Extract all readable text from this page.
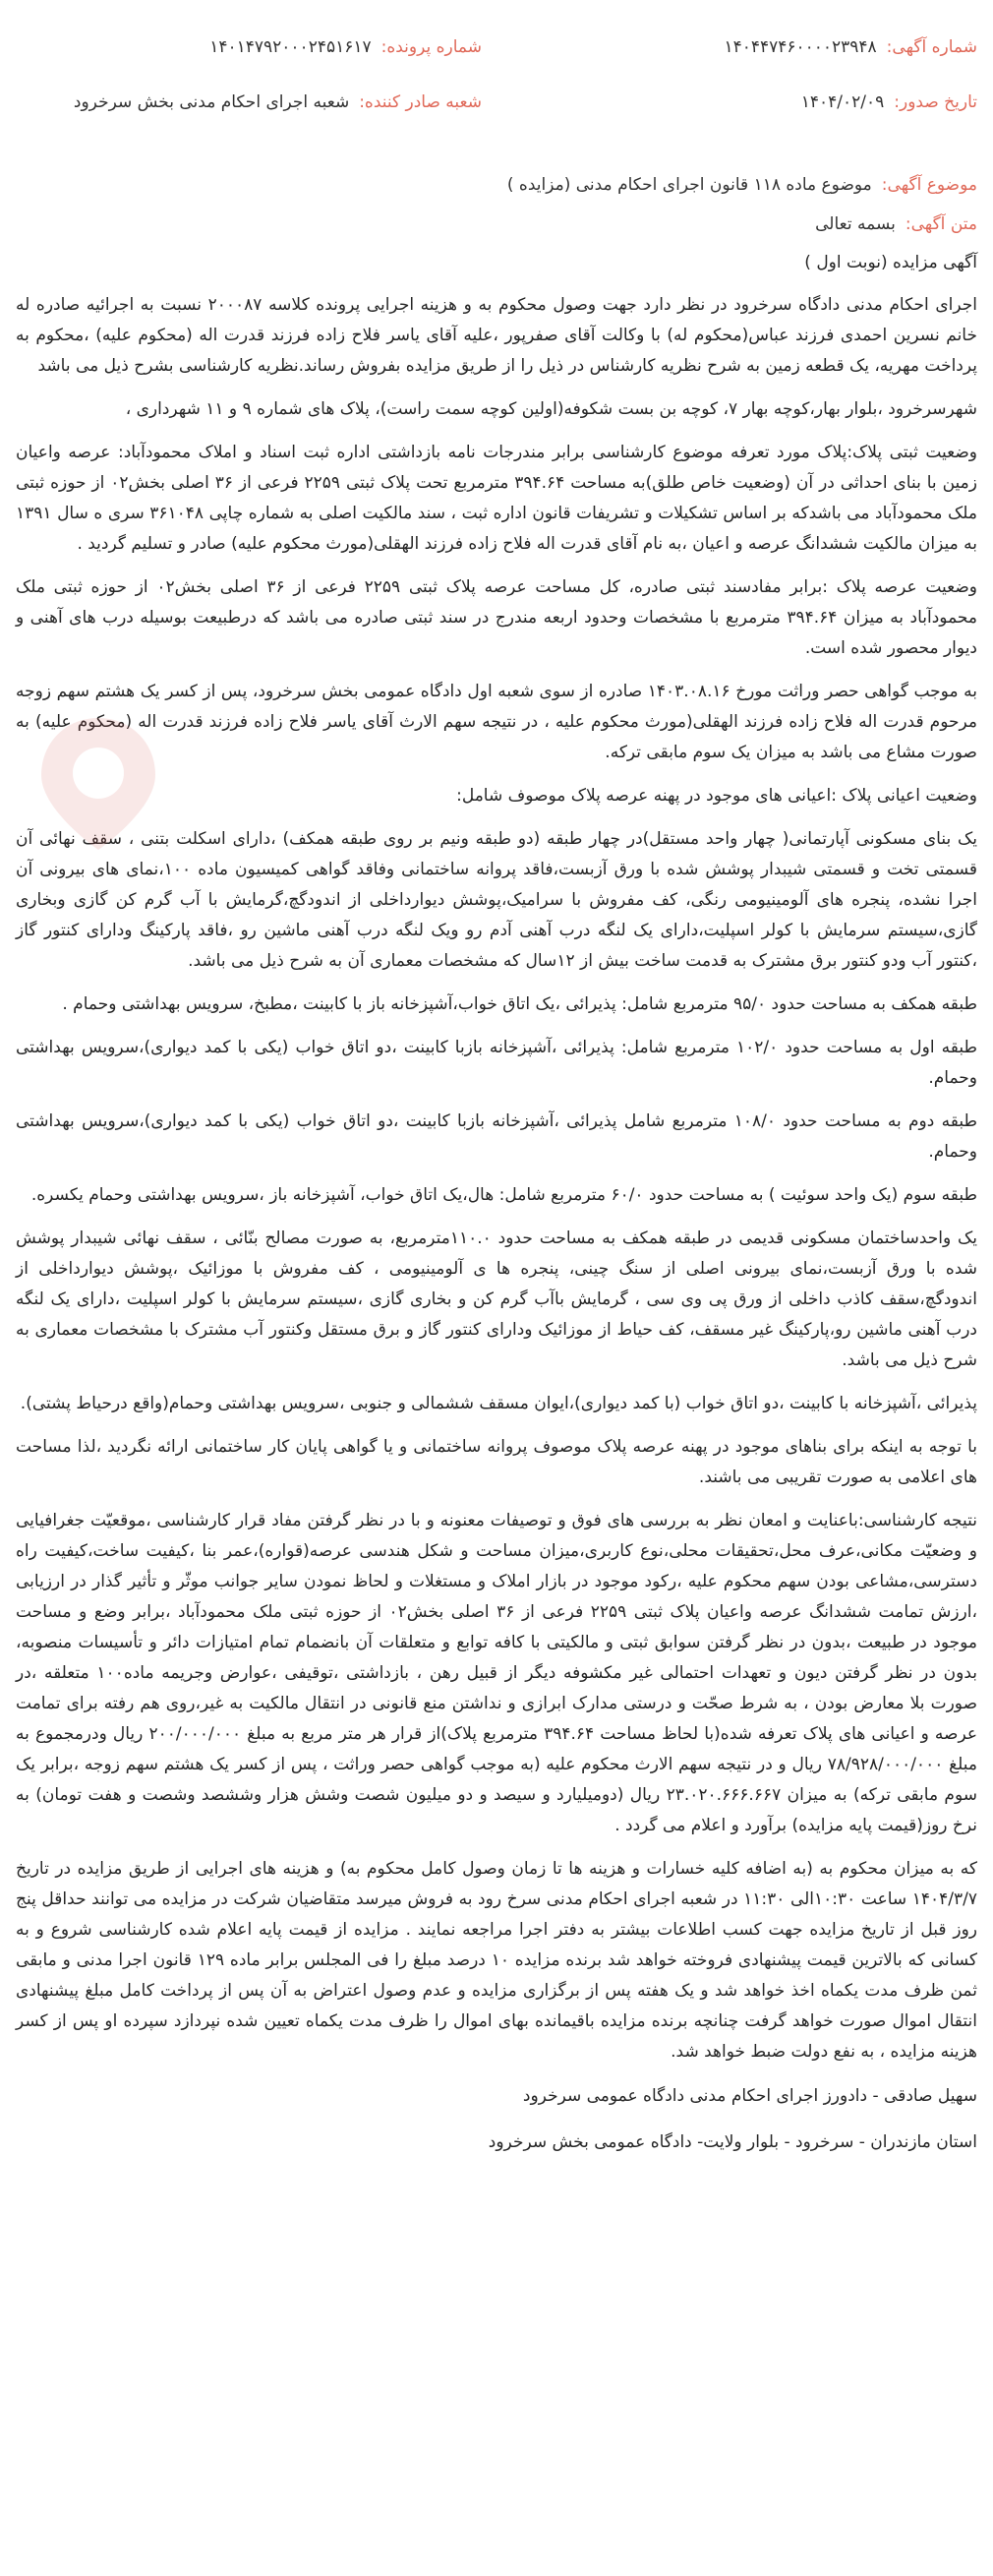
شماره آگهی:
۱۴۰۴۴۷۴۶۰۰۰۰۲۳۹۴۸
شماره پرونده:
۱۴۰۱۴۷۹۲۰۰۰۲۴۵۱۶۱۷
تاریخ صدور:
۱۴۰۴/۰۲/۰۹
شعبه صادر کننده:
شعبه اجرای احکام مدنی بخش سرخرود
موضوع آگهی:
موضوع ماده ۱۱۸ قانون اجرای احکام مدنی (مزایده )
متن آگهی:
بسمه تعالی

آگهی مزایده (نوبت اول )

اجرای احکام مدنی دادگاه سرخرود در نظر دارد جهت وصول محکوم به و هزینه اجرایی پرونده کلاسه ۲۰۰۰۸۷ نسبت به اجرائیه صادره له خانم نسرین احمدی فرزند عباس(محکوم له) با وکالت آقای صفرپور ،علیه آقای یاسر فلاح زاده فرزند قدرت اله (محکوم علیه) ،محکوم به پرداخت مهریه، یک قطعه زمین به شرح نظریه کارشناس در ذیل را از طریق مزایده بفروش رساند.نظریه کارشناسی بشرح ذیل می باشد

شهرسرخرود ،بلوار بهار،کوچه بهار ۷، کوچه بن بست شکوفه(اولین کوچه سمت راست)، پلاک های شماره ۹ و ۱۱ شهرداری ،

وضعیت ثبتی پلاک:پلاک مورد تعرفه موضوع کارشناسی برابر مندرجات نامه بازداشتی اداره ثبت اسناد و املاک محمودآباد: عرصه واعیان زمین با بنای احداثی در آن (وضعیت خاص طلق)به مساحت ۳۹۴.۶۴ مترمربع تحت پلاک ثبتی ۲۲۵۹ فرعی از ۳۶ اصلی بخش۰۲ از حوزه ثبتی ملک محمودآباد می باشدکه بر اساس تشکیلات و تشریفات قانون اداره ثبت ، سند مالکیت اصلی به شماره چاپی ۳۶۱۰۴۸ سری ه سال ۱۳۹۱ به میزان مالکیت ششدانگ عرصه و اعیان ،به نام آقای قدرت اله فلاح زاده فرزند الهقلی(مورث محکوم علیه) صادر و تسلیم گردید .

وضعیت عرصه پلاک :برابر مفادسند ثبتی صادره، کل مساحت عرصه پلاک ثبتی ۲۲۵۹ فرعی از ۳۶ اصلی بخش۰۲ از حوزه ثبتی ملک محمودآباد به میزان ۳۹۴.۶۴ مترمربع با مشخصات وحدود اربعه مندرج در سند ثبتی صادره می باشد که درطبیعت بوسیله درب های آهنی و دیوار محصور شده است.

به موجب گواهی حصر وراثت مورخ ۱۴۰۳.۰۸.۱۶ صادره از سوی شعبه اول دادگاه عمومی بخش سرخرود، پس از کسر یک هشتم سهم زوجه مرحوم قدرت اله فلاح زاده فرزند الهقلی(مورث محکوم علیه ، در نتیجه سهم الارث آقای یاسر فلاح زاده فرزند قدرت اله (محکوم علیه) به صورت مشاع می باشد به میزان یک سوم مابقی ترکه.

وضعیت اعیانی پلاک :اعیانی های موجود در پهنه عرصه پلاک موصوف شامل:

یک بنای مسکونی آپارتمانی( چهار واحد مستقل)در چهار طبقه (دو طبقه ونیم بر روی طبقه همکف) ،دارای اسکلت بتنی ، سقف نهائی آن قسمتی تخت و قسمتی شیبدار پوشش شده با ورق آزبست،فاقد پروانه ساختمانی وفاقد گواهی کمیسیون ماده ۱۰۰،نمای های بیرونی آن اجرا نشده، پنجره های آلومینیومی رنگی، کف مفروش با سرامیک،پوشش دیوارداخلی از اندودگچ،گرمایش با آب گرم کن گازی وبخاری گازی،سیستم سرمایش با کولر اسپلیت،دارای یک لنگه درب آهنی آدم رو ویک لنگه درب آهنی ماشین رو ،فاقد پارکینگ ودارای کنتور گاز ،کنتور آب ودو کنتور برق مشترک به قدمت ساخت بیش از ۱۲سال که مشخصات معماری آن به شرح ذیل می باشد.

طبقه همکف به مساحت حدود ۹۵/۰ مترمربع شامل: پذیرائی ،یک اتاق خواب،آشپزخانه باز با کابینت ،مطبخ، سرویس بهداشتی وحمام .

طبقه اول به مساحت حدود ۱۰۲/۰ مترمربع شامل: پذیرائی ،آشپزخانه بازبا کابینت ،دو اتاق خواب (یکی با کمد دیواری)،سرویس بهداشتی وحمام.

طبقه دوم به مساحت حدود ۱۰۸/۰ مترمربع شامل پذیرائی ،آشپزخانه بازبا کابینت ،دو اتاق خواب (یکی با کمد دیواری)،سرویس بهداشتی وحمام.

طبقه سوم (یک واحد سوئیت ) به مساحت حدود ۶۰/۰ مترمربع شامل: هال،یک اتاق خواب، آشپزخانه باز ،سرویس بهداشتی وحمام یکسره.

یک واحدساختمان مسکونی قدیمی در طبقه همکف به مساحت حدود ۱۱۰.۰مترمربع، به صورت مصالح بنّائی ، سقف نهائی شیبدار پوشش شده با ورق آزبست،نمای بیرونی اصلی از سنگ چینی، پنجره ها ی آلومینیومی ، کف مفروش با موزائیک ،پوشش دیوارداخلی از اندودگچ،سقف کاذب داخلی از ورق پی وی سی ، گرمایش باآب گرم کن و بخاری گازی ،سیستم سرمایش با کولر اسپلیت ،دارای یک لنگه درب آهنی ماشین رو،پارکینگ غیر مسقف، کف حیاط از موزائیک ودارای کنتور گاز و برق مستقل وکنتور آب مشترک با مشخصات معماری به شرح ذیل می باشد.

پذیرائی ،آشپزخانه با کابینت ،دو اتاق خواب (با کمد دیواری)،ایوان مسقف ششمالی و جنوبی ،سرویس بهداشتی وحمام(واقع درحیاط پشتی).

با توجه به اینکه برای بناهای موجود در پهنه عرصه پلاک موصوف پروانه ساختمانی و یا گواهی پایان کار ساختمانی ارائه نگردید ،لذا مساحت های اعلامی به صورت تقریبی می باشند.

نتیجه کارشناسی:باعنایت و امعان نظر به بررسی های فوق و توصیفات معنونه و با در نظر گرفتن مفاد قرار کارشناسی ،موقعیّت جغرافیایی و وضعیّت مکانی،عرف محل،تحقیقات محلی،نوع کاربری،میزان مساحت و شکل هندسی عرصه(قواره)،عمر بنا ،کیفیت ساخت،کیفیت راه دسترسی،مشاعی بودن سهم محکوم علیه ،رکود موجود در بازار املاک و مستغلات و لحاظ نمودن سایر جوانب موثّر و تأثیر گذار در ارزیابی ،ارزش تمامت ششدانگ عرصه واعیان پلاک ثبتی ۲۲۵۹ فرعی از ۳۶ اصلی بخش۰۲ از حوزه ثبتی ملک محمودآباد ،برابر وضع و مساحت موجود در طبیعت ،بدون در نظر گرفتن سوابق ثبتی و مالکیتی با کافه توابع و متعلقات آن بانضمام تمام امتیازات دائر و تأسیسات منصوبه، بدون در نظر گرفتن دیون و تعهدات احتمالی غیر مکشوفه دیگر از قبیل رهن ، بازداشتی ،توقیفی ،عوارض وجریمه ماده۱۰۰ متعلقه ،در صورت بلا معارض بودن ، به شرط صحّت و درستی مدارک ابرازی و نداشتن منع قانونی در انتقال مالکیت به غیر،روی هم رفته برای تمامت عرصه و اعیانی های پلاک تعرفه شده(با لحاظ مساحت ۳۹۴.۶۴ مترمربع پلاک)از قرار هر متر مربع به مبلغ ۲۰۰/۰۰۰/۰۰۰ ریال ودرمجموع به مبلغ ۷۸/۹۲۸/۰۰۰/۰۰۰ ریال و در نتیجه سهم الارث محکوم علیه (به موجب گواهی حصر وراثت ، پس از کسر یک هشتم سهم زوجه ،برابر یک سوم مابقی ترکه) به میزان ۲۳.۰۲۰.۶۶۶.۶۶۷ ریال (دومیلیارد و سیصد و دو میلیون شصت وشش هزار وششصد وشصت و هفت تومان) به نرخ روز(قیمت پایه مزایده) برآورد و اعلام می گردد .

که به میزان محکوم به (به اضافه کلیه خسارات و هزینه ها تا زمان وصول کامل محکوم به) و هزینه های اجرایی از طریق مزایده در تاریخ ۱۴۰۴/۳/۷ ساعت ۱۰:۳۰الی ۱۱:۳۰ در شعبه اجرای احکام مدنی سرخ رود به فروش میرسد متقاضیان شرکت در مزایده می توانند حداقل پنج روز قبل از تاریخ مزایده جهت کسب اطلاعات بیشتر به دفتر اجرا مراجعه نمایند . مزایده از قیمت پایه اعلام شده کارشناسی شروع و به کسانی که بالاترین قیمت پیشنهادی فروخته خواهد شد برنده مزایده ۱۰ درصد مبلغ را فی المجلس برابر ماده ۱۲۹ قانون اجرا مدنی و مابقی ثمن ظرف مدت یکماه اخذ خواهد شد و یک هفته پس از برگزاری مزایده و عدم وصول اعتراض به آن پس از پرداخت کامل مبلغ پیشنهادی انتقال اموال صورت خواهد گرفت چنانچه برنده مزایده باقیمانده بهای اموال را ظرف مدت یکماه تعیین شده نپردازد سپرده او پس از کسر هزینه مزایده ، به نفع دولت ضبط خواهد شد.

سهیل صادقی - دادورز اجرای احکام مدنی دادگاه عمومی سرخرود

استان مازندران - سرخرود - بلوار ولایت- دادگاه عمومی بخش سرخرود
